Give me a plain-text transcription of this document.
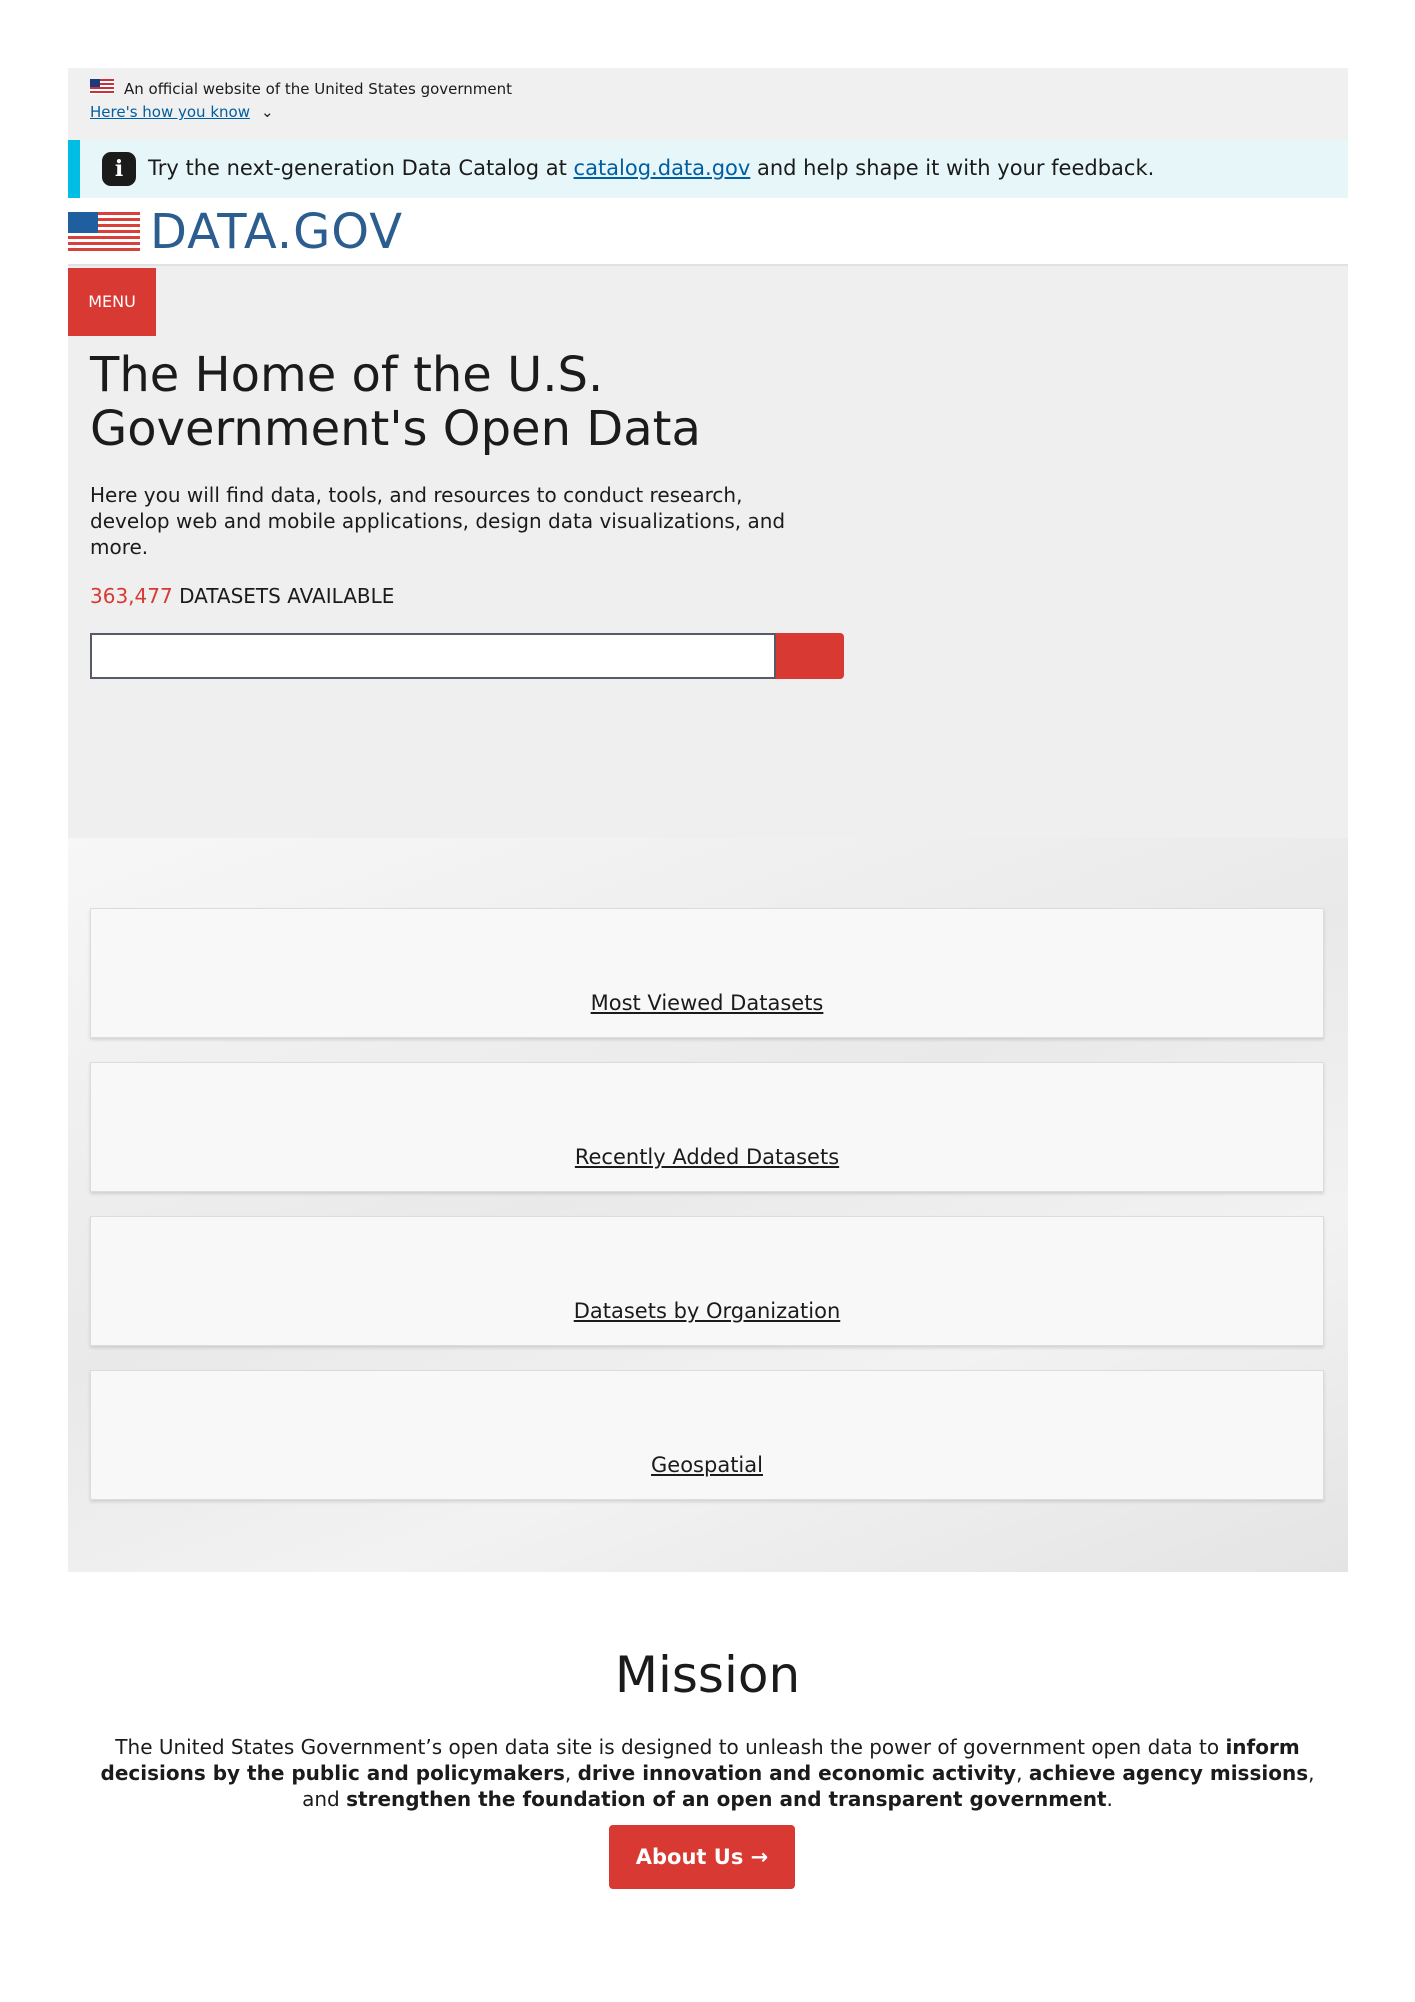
An official website of the United States government
Here's how you know ⌄
i	Try the next-generation Data Catalog at catalog.data.gov and help shape it with your feedback.
DATA.GOV
MENU
The Home of the U.S. Government's Open Data

Here you will find data, tools, and resources to conduct research, develop web and mobile applications, design data visualizations, and more.

363,477 DATASETS AVAILABLE
Most Viewed Datasets
Recently Added Datasets
Datasets by Organization
Geospatial
Mission

The United States Government’s open data site is designed to unleash the power of government open data to inform decisions by the public and policymakers, drive innovation and economic activity, achieve agency missions, and strengthen the foundation of an open and transparent government.

About Us →
